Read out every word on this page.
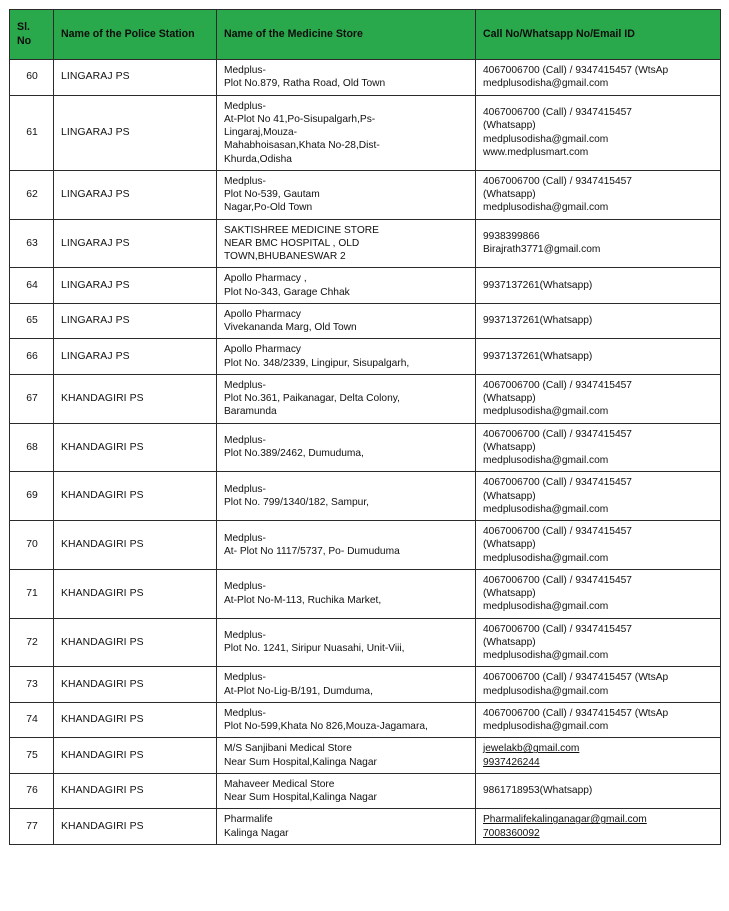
Sl.
No	Name of the Police Station	Name of the Medicine Store	Call No/Whatsapp No/Email ID
60	LINGARAJ PS	Medplus-
Plot No.879, Ratha Road, Old Town	4067006700 (Call) / 9347415457 (WtsAp
medplusodisha@gmail.com

61	LINGARAJ PS	Medplus-
At-Plot No 41,Po-Sisupalgarh,Ps-
Lingaraj,Mouza-
Mahabhoisasan,Khata No-28,Dist-
Khurda,Odisha	4067006700 (Call) / 9347415457
(Whatsapp)
medplusodisha@gmail.com
www.medplusmart.com

62	LINGARAJ PS	Medplus-
Plot No-539, Gautam
Nagar,Po-Old Town	4067006700 (Call) / 9347415457
(Whatsapp)
medplusodisha@gmail.com

63	LINGARAJ PS	SAKTISHREE MEDICINE STORE
NEAR BMC HOSPITAL , OLD
TOWN,BHUBANESWAR 2	9938399866
Birajrath3771@gmail.com

64	LINGARAJ PS	Apollo Pharmacy ,
Plot No-343, Garage Chhak	9937137261(Whatsapp)

65	LINGARAJ PS	Apollo Pharmacy
Vivekananda Marg, Old Town	9937137261(Whatsapp)

66	LINGARAJ PS	Apollo Pharmacy
Plot No. 348/2339, Lingipur, Sisupalgarh,	9937137261(Whatsapp)

67	KHANDAGIRI PS	Medplus-
Plot No.361, Paikanagar, Delta Colony,
Baramunda	4067006700 (Call) / 9347415457
(Whatsapp)
medplusodisha@gmail.com

68	KHANDAGIRI PS	Medplus-
Plot No.389/2462, Dumuduma,	4067006700 (Call) / 9347415457
(Whatsapp)
medplusodisha@gmail.com

69	KHANDAGIRI PS	Medplus-
Plot No. 799/1340/182, Sampur,	4067006700 (Call) / 9347415457
(Whatsapp)
medplusodisha@gmail.com

70	KHANDAGIRI PS	Medplus-
At- Plot No 1117/5737, Po- Dumuduma	4067006700 (Call) / 9347415457
(Whatsapp)
medplusodisha@gmail.com

71	KHANDAGIRI PS	Medplus-
At-Plot No-M-113, Ruchika Market,	4067006700 (Call) / 9347415457
(Whatsapp)
medplusodisha@gmail.com

72	KHANDAGIRI PS	Medplus-
Plot No. 1241, Siripur Nuasahi, Unit-Viii,	4067006700 (Call) / 9347415457
(Whatsapp)
medplusodisha@gmail.com

73	KHANDAGIRI PS	Medplus-
At-Plot No-Lig-B/191, Dumduma,	4067006700 (Call) / 9347415457 (WtsAp
medplusodisha@gmail.com

74	KHANDAGIRI PS	Medplus-
Plot No-599,Khata No 826,Mouza-Jagamara,	4067006700 (Call) / 9347415457 (WtsAp
medplusodisha@gmail.com

75	KHANDAGIRI PS	M/S Sanjibani Medical Store
Near Sum Hospital,Kalinga Nagar	jewelakb@gmail.com
9937426244

76	KHANDAGIRI PS	Mahaveer Medical Store
Near Sum Hospital,Kalinga Nagar	9861718953(Whatsapp)

77	KHANDAGIRI PS	Pharmalife
Kalinga Nagar	Pharmalifekalinganagar@gmail.com
7008360092
